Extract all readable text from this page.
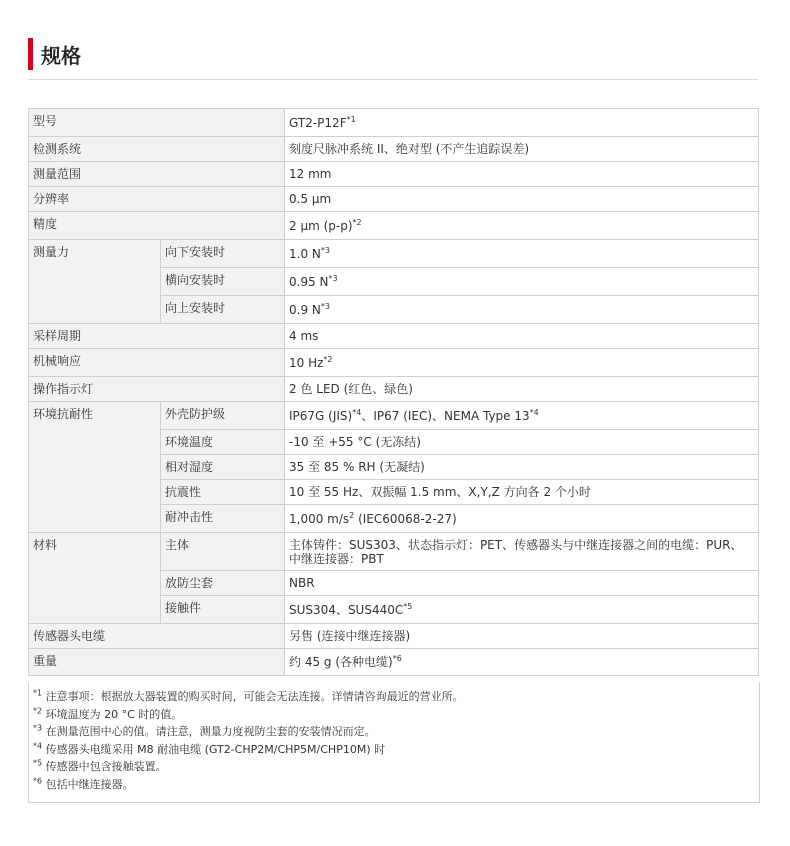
规格
型号		$GT2-P12F^{*1}$
检测系统		刻度尺脉冲系统 II、绝对型 (不产生追踪误差)
测量范围		12 mm
分辨率		0.5 μm
精度		2 μm $(p-p)^{*2}$
测量力	向下安装时	1.0 $N^{*3}$
	横向安装时	0.95 $N^{*3}$
	向上安装时	0.9 $N^{*3}$
采样周期		4 ms
机械响应		10 Hz$^{*2}$
操作指示灯		2 色 LED (红色、绿色)
环境抗耐性	外壳防护级	IP67G (JIS)$^{*4}$、IP67 (IEC)、NEMA Type 13$^{*4}$
	环境温度	-10 至 +55 °C (无冻结)
	相对湿度	35 至 85 % RH (无凝结)
	抗震性	10 至 55 Hz、双振幅 1.5 mm、X,Y,Z 方向各 2 个小时
	耐冲击性	1,000 $m/s^2$ (IEC60068-2-27)
材料	主体	主体铸件：SUS303、状态指示灯：PET、传感器头与中继连接器之间的电缆：PUR、
中继连接器：PBT

	放防尘套	NBR
	接触件	SUS304、$SUS440C^{*5}$
传感器头电缆		另售 (连接中继连接器)
重量		约 45 g (各种电缆)$^{*6}$
$^{*1}$ 注意事项：根据放大器装置的购买时间，可能会无法连接。详情请咨询最近的营业所。
$^{*2}$ 环境温度为 20 °C 时的值。
$^{*3}$ 在测量范围中心的值。请注意，测量力度视防尘套的安装情况而定。
$^{*4}$ 传感器头电缆采用 M8 耐油电缆 (GT2-CHP2M/CHP5M/CHP10M) 时
$^{*5}$ 传感器中包含接触装置。
$^{*6}$ 包括中继连接器。
